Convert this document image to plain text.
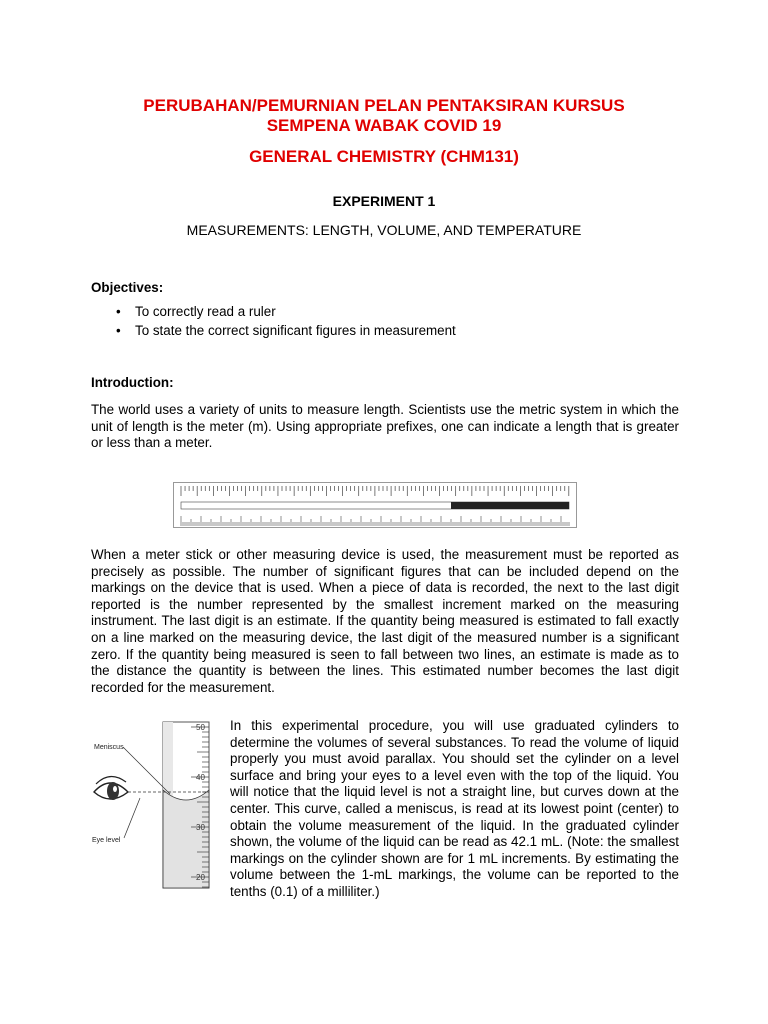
PERUBAHAN/PEMURNIAN PELAN PENTAKSIRAN KURSUS
SEMPENA WABAK COVID 19
GENERAL CHEMISTRY (CHM131)
EXPERIMENT 1
MEASUREMENTS: LENGTH, VOLUME, AND TEMPERATURE
Objectives:
• To correctly read a ruler
• To state the correct significant figures in measurement
Introduction:
The world uses a variety of units to measure length. Scientists use the metric system in which the unit of length is the meter (m). Using appropriate prefixes, one can indicate a length that is greater or less than a meter.
When a meter stick or other measuring device is used, the measurement must be reported as precisely as possible. The number of significant figures that can be included depend on the markings on the device that is used. When a piece of data is recorded, the next to the last digit reported is the number represented by the smallest increment marked on the measuring instrument. The last digit is an estimate. If the quantity being measured is estimated to fall exactly on a line marked on the measuring device, the last digit of the measured number is a significant zero. If the quantity being measured is seen to fall between two lines, an estimate is made as to the distance the quantity is between the lines. This estimated number becomes the last digit recorded for the measurement.
50
40
30
20
Meniscus
Eye level
In this experimental procedure, you will use graduated cylinders to determine the volumes of several substances. To read the volume of liquid properly you must avoid parallax. You should set the cylinder on a level surface and bring your eyes to a level even with the top of the liquid. You will notice that the liquid level is not a straight line, but curves down at the center. This curve, called a meniscus, is read at its lowest point (center) to obtain the volume measurement of the liquid. In the graduated cylinder shown, the volume of the liquid can be read as 42.1 mL. (Note: the smallest markings on the cylinder shown are for 1 mL increments. By estimating the volume between the 1-mL markings, the volume can be reported to the tenths (0.1) of a milliliter.)
